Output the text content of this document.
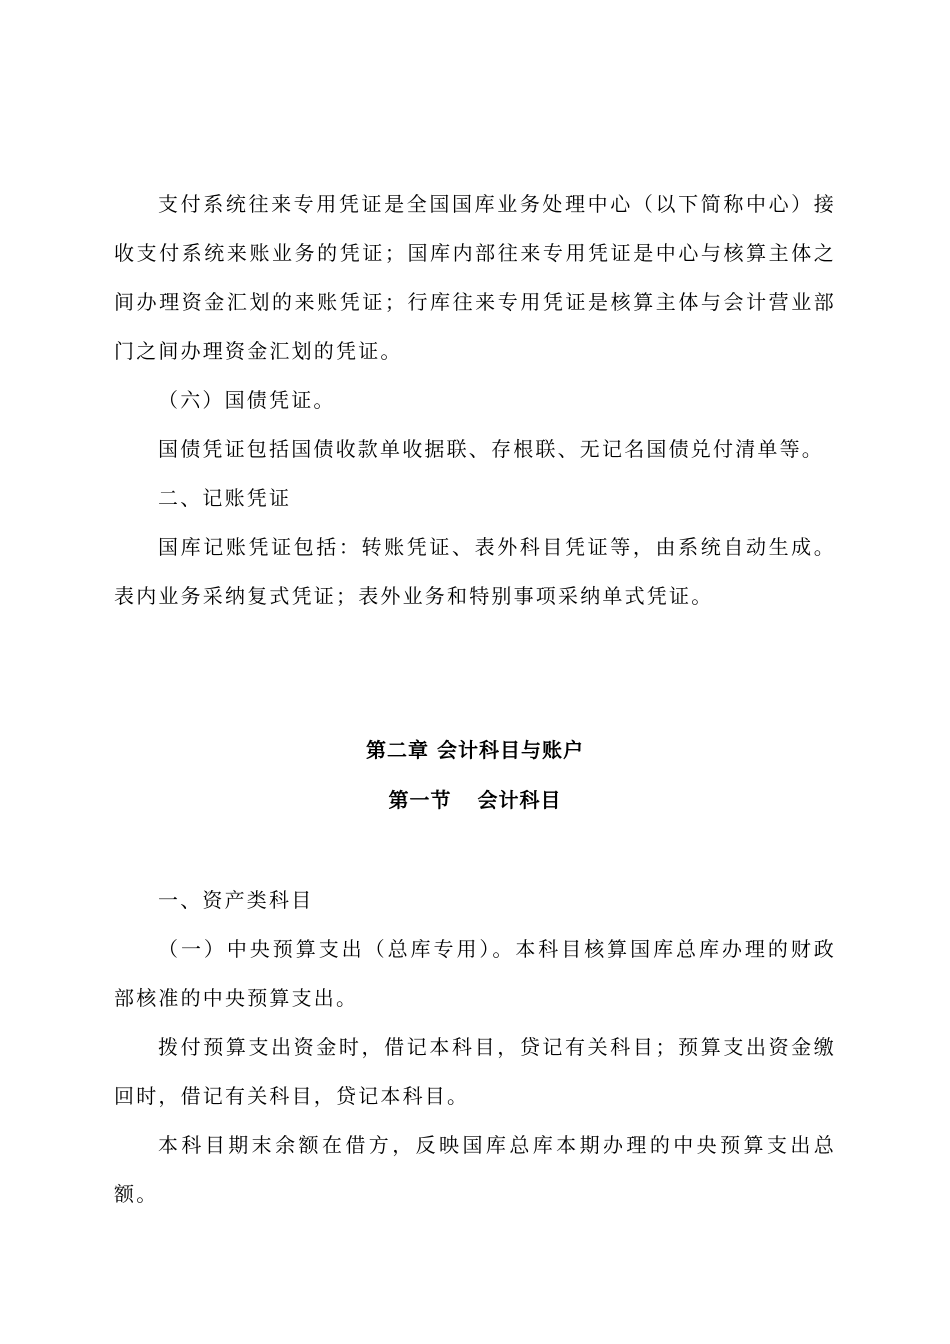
支付系统往来专用凭证是全国国库业务处理中心（以下简称中心）接收支付系统来账业务的凭证；国库内部往来专用凭证是中心与核算主体之间办理资金汇划的来账凭证；行库往来专用凭证是核算主体与会计营业部门之间办理资金汇划的凭证。

（六）国债凭证。

国债凭证包括国债收款单收据联、存根联、无记名国债兑付清单等。

二、记账凭证

国库记账凭证包括：转账凭证、表外科目凭证等，由系统自动生成。表内业务采纳复式凭证；表外业务和特别事项采纳单式凭证。

第二章 会计科目与账户
第一节 会计科目

一、资产类科目

（一）中央预算支出（总库专用）。本科目核算国库总库办理的财政部核准的中央预算支出。

拨付预算支出资金时，借记本科目，贷记有关科目；预算支出资金缴回时，借记有关科目，贷记本科目。

本科目期末余额在借方，反映国库总库本期办理的中央预算支出总额。
